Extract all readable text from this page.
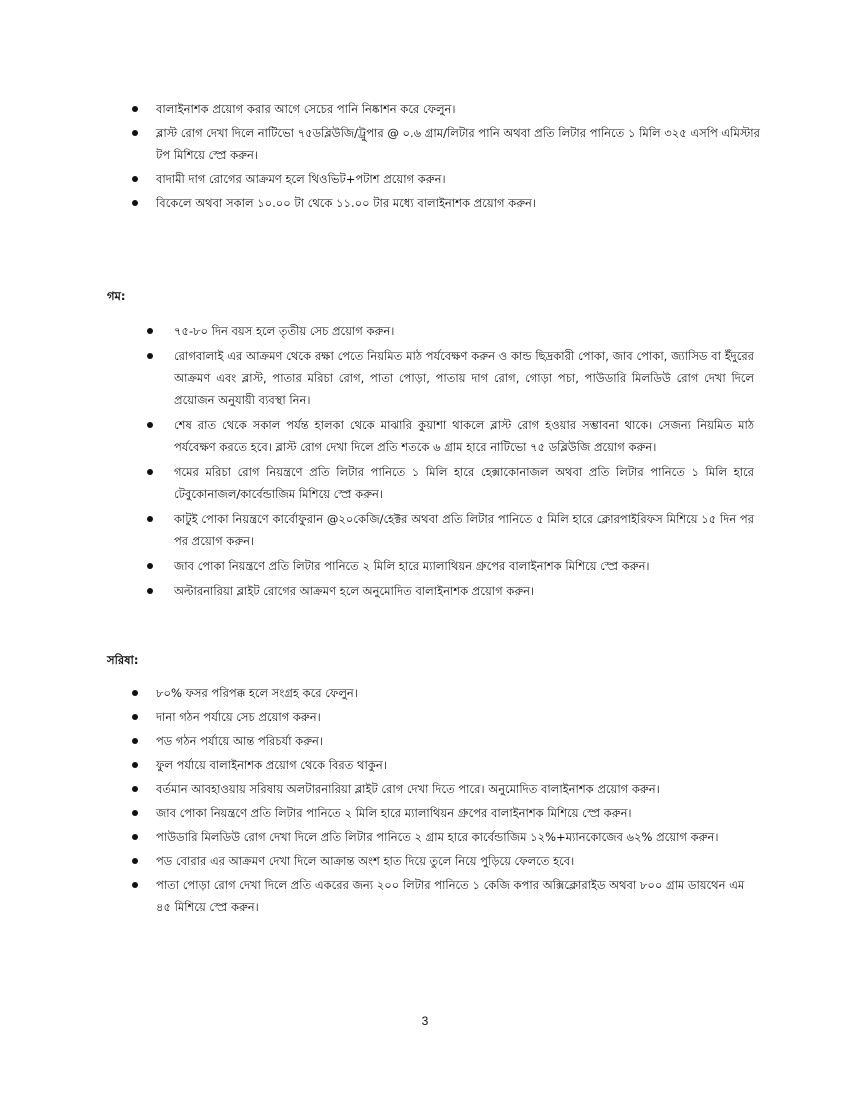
বালাইনাশক প্রয়োগ করার আগে সেচের পানি নিষ্কাশন করে ফেলুন।
ব্লাস্ট রোগ দেখা দিলে নাটিভো ৭৫ডব্লিউজি/ট্রুপার @ ০.৬ গ্রাম/লিটার পানি অথবা প্রতি লিটার পানিতে ১ মিলি ৩২৫ এসপি এমিস্টার টপ মিশিয়ে স্প্রে করুন।
বাদামী দাগ রোগের আক্রমণ হলে থিওভিট+পটাশ প্রয়োগ করুন।
বিকেলে অথবা সকাল ১০.০০ টা থেকে ১১.০০ টার মধ্যে বালাইনাশক প্রয়োগ করুন।
গম:
৭৫-৮০ দিন বয়স হলে তৃতীয় সেচ প্রয়োগ করুন।
রোগবালাই এর আক্রমণ থেকে রক্ষা পেতে নিয়মিত মাঠ পর্যবেক্ষণ করুন ও কান্ড ছিদ্রকারী পোকা, জাব পোকা, জ্যাসিড বা ইঁদুরের আক্রমণ এবং ব্লাস্ট, পাতার মরিচা রোগ, পাতা পোড়া, পাতায় দাগ রোগ, গোড়া পচা, পাউডারি মিলডিউ রোগ দেখা দিলে প্রয়োজন অনুযায়ী ব্যবস্থা নিন।
শেষ রাত থেকে সকাল পর্যন্ত হালকা থেকে মাঝারি কুয়াশা থাকলে ব্লাস্ট রোগ হওয়ার সম্ভাবনা থাকে। সেজন্য নিয়মিত মাঠ পর্যবেক্ষণ করতে হবে। ব্লাস্ট রোগ দেখা দিলে প্রতি শতকে ৬ গ্রাম হারে নাটিভো ৭৫ ডব্লিউজি প্রয়োগ করুন।
গমের মরিচা রোগ নিয়ন্ত্রণে প্রতি লিটার পানিতে ১ মিলি হারে হেক্সাকোনাজল অথবা প্রতি লিটার পানিতে ১ মিলি হারে টেবুকোনাজল/কার্বেন্ডাজিম মিশিয়ে স্প্রে করুন।
কাটুই পোকা নিয়ন্ত্রণে কার্বোফুরান @২০কেজি/হেক্টর অথবা প্রতি লিটার পানিতে ৫ মিলি হারে ক্লোরপাইরিফস মিশিয়ে ১৫ দিন পর পর প্রয়োগ করুন।
জাব পোকা নিয়ন্ত্রণে প্রতি লিটার পানিতে ২ মিলি হারে ম্যালাথিয়ন গ্রুপের বালাইনাশক মিশিয়ে স্প্রে করুন।
অল্টারনারিয়া ব্লাইট রোগের আক্রমণ হলে অনুমোদিত বালাইনাশক প্রয়োগ করুন।
সরিষা:
৮০% ফসর পরিপক্ক হলে সংগ্রহ করে ফেলুন।
দানা গঠন পর্যায়ে সেচ প্রয়োগ করুন।
পড গঠন পর্যায়ে আন্ত পরিচর্যা করুন।
ফুল পর্যায়ে বালাইনাশক প্রয়োগ থেকে বিরত থাকুন।
বর্তমান আবহাওয়ায় সরিষায় অলটারনারিয়া ব্লাইট রোগ দেখা দিতে পারে। অনুমোদিত বালাইনাশক প্রয়োগ করুন।
জাব পোকা নিয়ন্ত্রণে প্রতি লিটার পানিতে ২ মিলি হারে ম্যালাথিয়ন গ্রুপের বালাইনাশক মিশিয়ে স্প্রে করুন।
পাউডারি মিলডিউ রোগ দেখা দিলে প্রতি লিটার পানিতে ২ গ্রাম হারে কার্বেন্ডাজিম ১২%+ম্যানকোজেব ৬২% প্রয়োগ করুন।
পড বোরার এর আক্রমণ দেখা দিলে আক্রান্ত অংশ হাত দিয়ে তুলে নিয়ে পুড়িয়ে ফেলতে হবে।
পাতা পোড়া রোগ দেখা দিলে প্রতি একরের জন্য ২০০ লিটার পানিতে ১ কেজি কপার অক্সিক্লোরাইড অথবা ৮০০ গ্রাম ডায়থেন এম ৪৫ মিশিয়ে স্প্রে করুন।
3
